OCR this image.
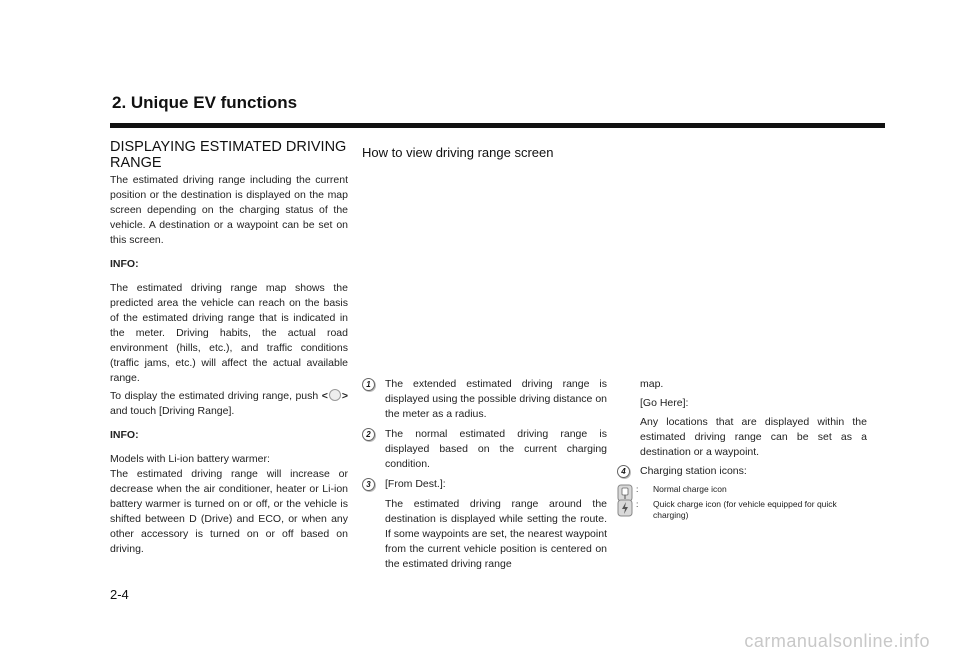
2. Unique EV functions
DISPLAYING ESTIMATED DRIVING RANGE

The estimated driving range including the current position or the destination is displayed on the map screen depending on the charging status of the vehicle. A destination or a waypoint can be set on this screen.

INFO:

The estimated driving range map shows the predicted area the vehicle can reach on the basis of the estimated driving range that is indicated in the meter. Driving habits, the actual road environment (hills, etc.), and traffic conditions (traffic jams, etc.) will affect the actual available range.

To display the estimated driving range, push < > and touch [Driving Range].

INFO:

Models with Li-ion battery warmer:

The estimated driving range will increase or decrease when the air conditioner, heater or Li-ion battery warmer is turned on or off, or the vehicle is shifted between D (Drive) and ECO, or when any other accessory is turned on or off based on driving.

How to view driving range screen
1	The extended estimated driving range is displayed using the possible driving distance on the meter as a radius.

2	The normal estimated driving range is displayed based on the current charging condition.

3	[From Dest.]:

The estimated driving range around the destination is displayed while setting the route. If some waypoints are set, the nearest waypoint from the current vehicle position is centered on the estimated driving range

map.

[Go Here]:

Any locations that are displayed within the estimated driving range can be set as a destination or a waypoint.

4	Charging station icons:

:	Normal charge icon
:	Quick charge icon (for vehicle equipped for quick charging)
2-4
carmanualsonline.info
